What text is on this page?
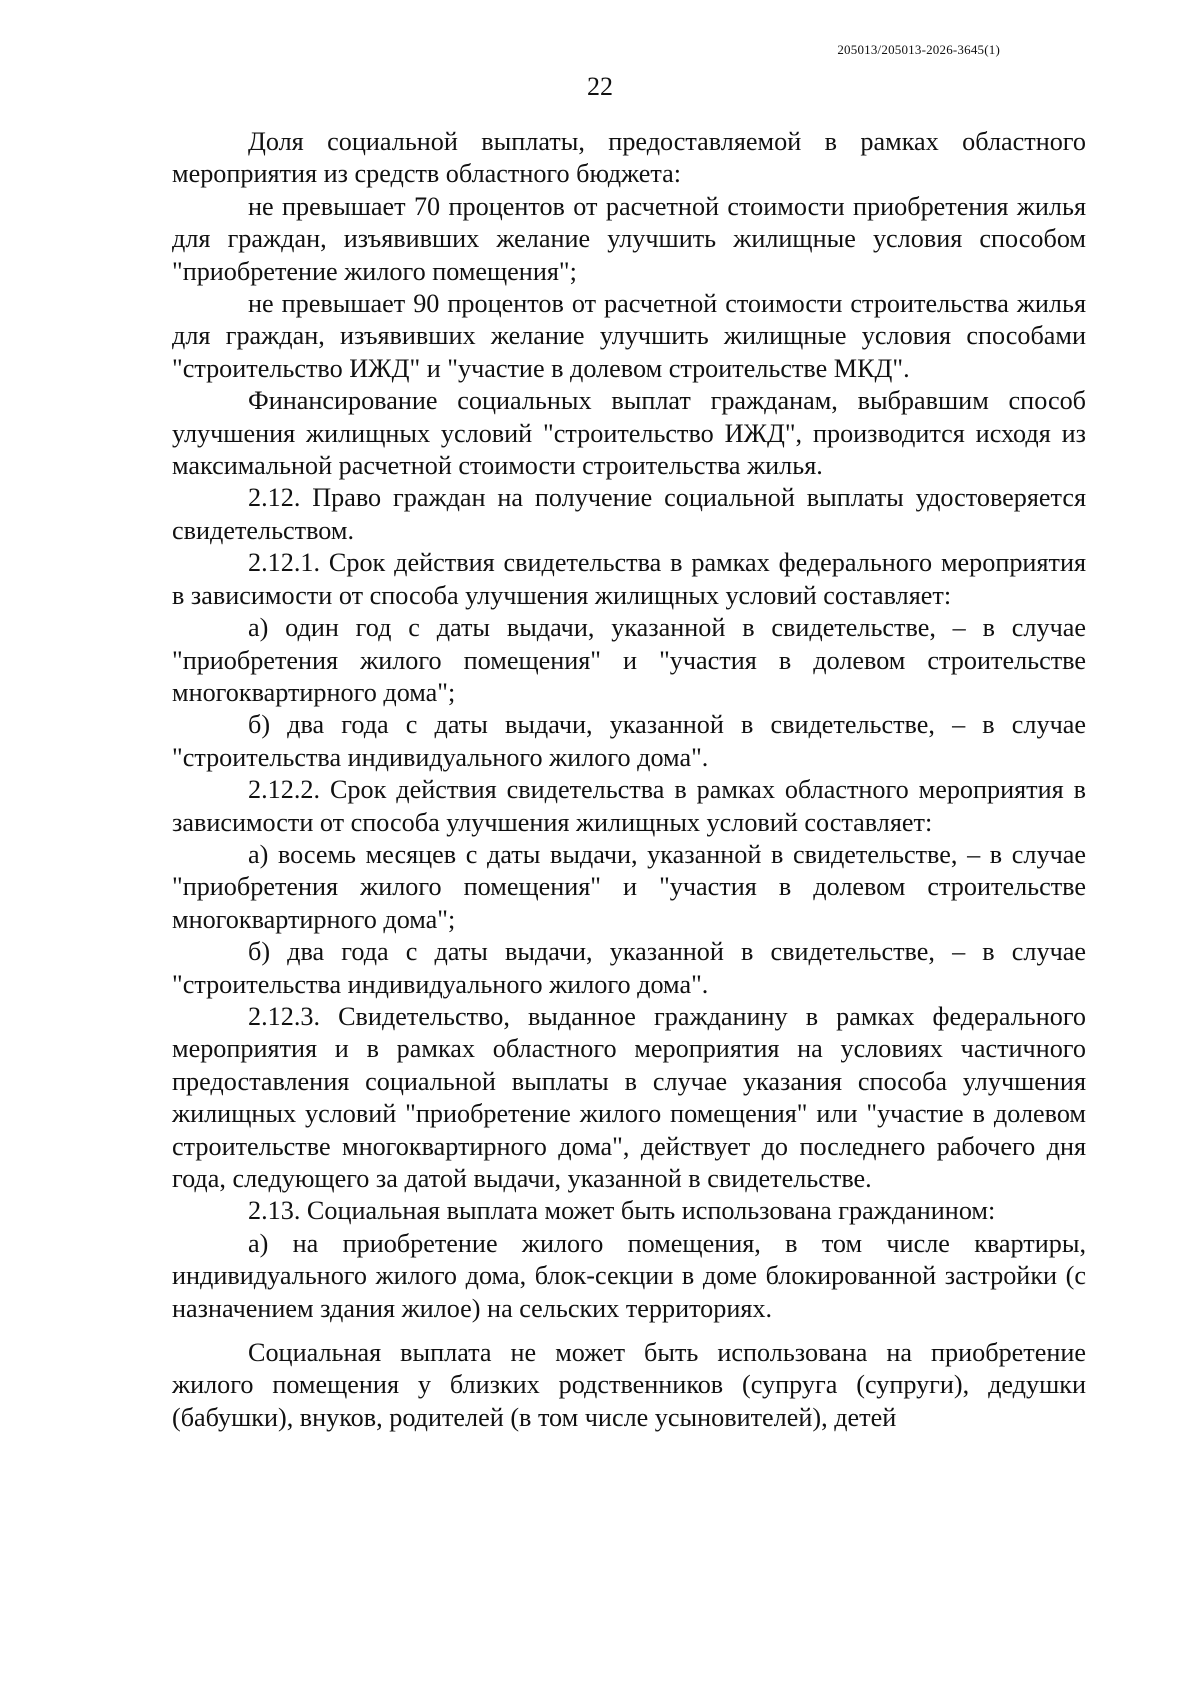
205013/205013-2026-3645(1)
22

Доля социальной выплаты, предоставляемой в рамках областного мероприятия из средств областного бюджета:

не превышает 70 процентов от расчетной стоимости приобретения жилья для граждан, изъявивших желание улучшить жилищные условия способом "приобретение жилого помещения";

не превышает 90 процентов от расчетной стоимости строительства жилья для граждан, изъявивших желание улучшить жилищные условия способами "строительство ИЖД" и "участие в долевом строительстве МКД".

Финансирование социальных выплат гражданам, выбравшим способ улучшения жилищных условий "строительство ИЖД", производится исходя из максимальной расчетной стоимости строительства жилья.

2.12. Право граждан на получение социальной выплаты удостоверяется свидетельством.

2.12.1. Срок действия свидетельства в рамках федерального мероприятия в зависимости от способа улучшения жилищных условий составляет:

а) один год с даты выдачи, указанной в свидетельстве, – в случае "приобретения жилого помещения" и "участия в долевом строительстве многоквартирного дома";

б) два года с даты выдачи, указанной в свидетельстве, – в случае "строительства индивидуального жилого дома".

2.12.2. Срок действия свидетельства в рамках областного мероприятия в зависимости от способа улучшения жилищных условий составляет:

а) восемь месяцев с даты выдачи, указанной в свидетельстве, – в случае "приобретения жилого помещения" и "участия в долевом строительстве многоквартирного дома";

б) два года с даты выдачи, указанной в свидетельстве, – в случае "строительства индивидуального жилого дома".

2.12.3. Свидетельство, выданное гражданину в рамках федерального мероприятия и в рамках областного мероприятия на условиях частичного предоставления социальной выплаты в случае указания способа улучшения жилищных условий "приобретение жилого помещения" или "участие в долевом строительстве многоквартирного дома", действует до последнего рабочего дня года, следующего за датой выдачи, указанной в свидетельстве.

2.13. Социальная выплата может быть использована гражданином:

а) на приобретение жилого помещения, в том числе квартиры, индивидуального жилого дома, блок-секции в доме блокированной застройки (с назначением здания жилое) на сельских территориях.

Социальная выплата не может быть использована на приобретение жилого помещения у близких родственников (супруга (супруги), дедушки (бабушки), внуков, родителей (в том числе усыновителей), детей
